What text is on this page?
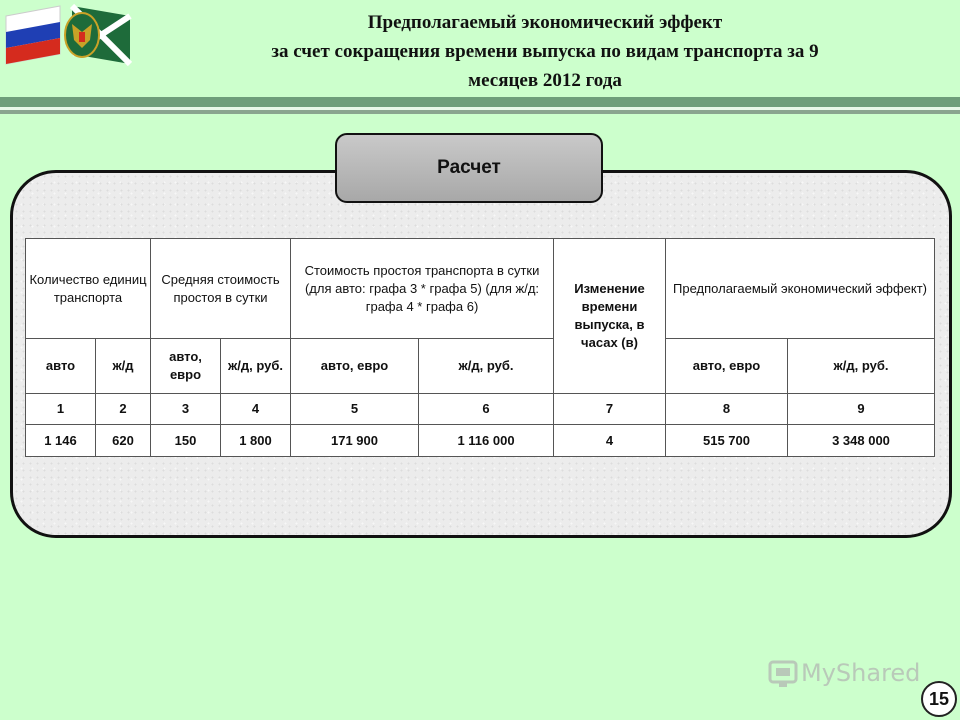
Предполагаемый экономический эффект
за счет сокращения времени выпуска по видам транспорта за 9
месяцев 2012 года
Расчет
Количество единиц транспорта		Средняя стоимость простоя в сутки		Стоимость простоя транспорта в сутки (для авто: графа 3 * графа 5) (для ж/д: графа 4 * графа 6)		Изменение времени выпуска, в часах (в)	Предполагаемый экономический эффект)	
авто	ж/д	авто, евро	ж/д, руб.	авто, евро	ж/д, руб.		авто, евро	ж/д, руб.
1	2	3	4	5	6	7	8	9
1 146	620	150	1 800	171 900	1 116 000	4	515 700	3 348 000
MyShared
15
